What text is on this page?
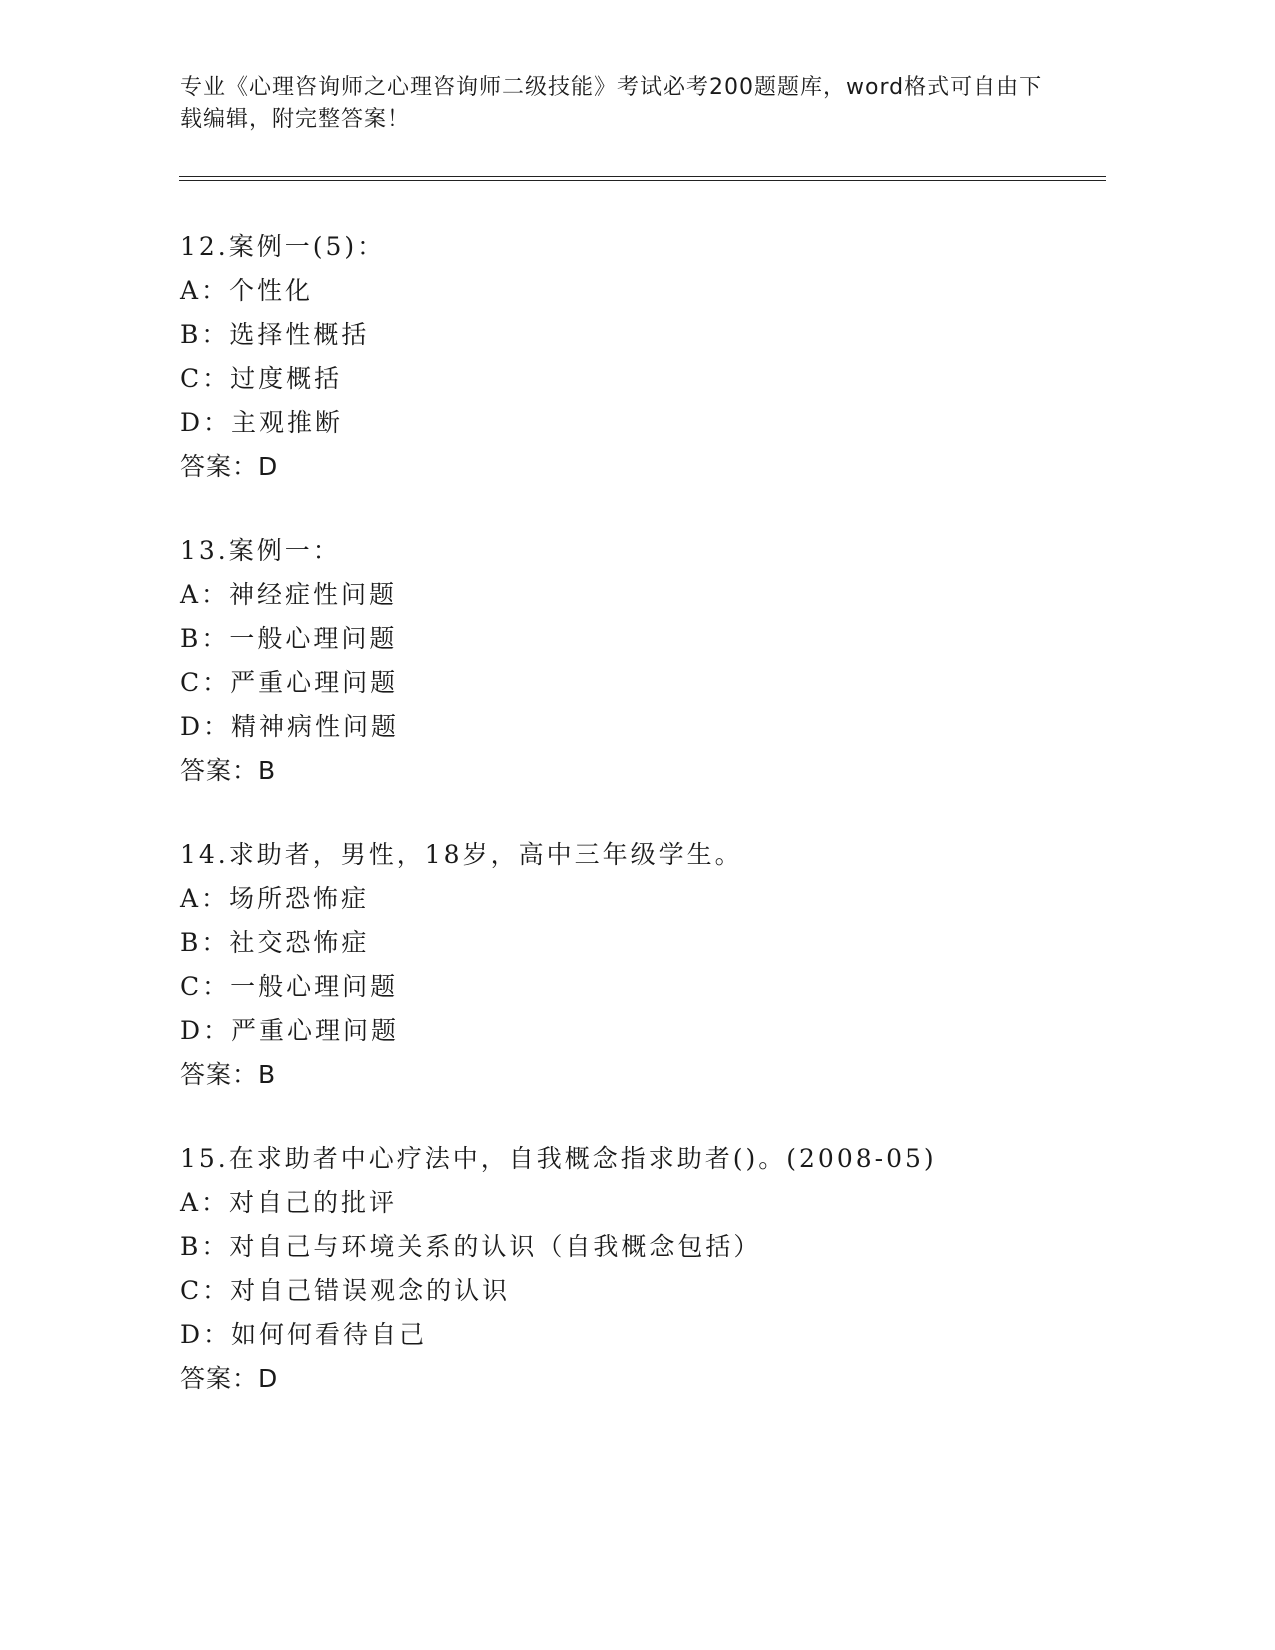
专业《心理咨询师之心理咨询师二级技能》考试必考200题题库，word格式可自由下载编辑，附完整答案！
12.案例一(5)：
A：个性化
B：选择性概括
C：过度概括
D：主观推断
答案：D
13.案例一：
A：神经症性问题
B：一般心理问题
C：严重心理问题
D：精神病性问题
答案：B
14.求助者，男性，18岁，高中三年级学生。
A：场所恐怖症
B：社交恐怖症
C：一般心理问题
D：严重心理问题
答案：B
15.在求助者中心疗法中，自我概念指求助者()。(2008-05)
A：对自己的批评
B：对自己与环境关系的认识（自我概念包括）
C：对自己错误观念的认识
D：如何何看待自己
答案：D
